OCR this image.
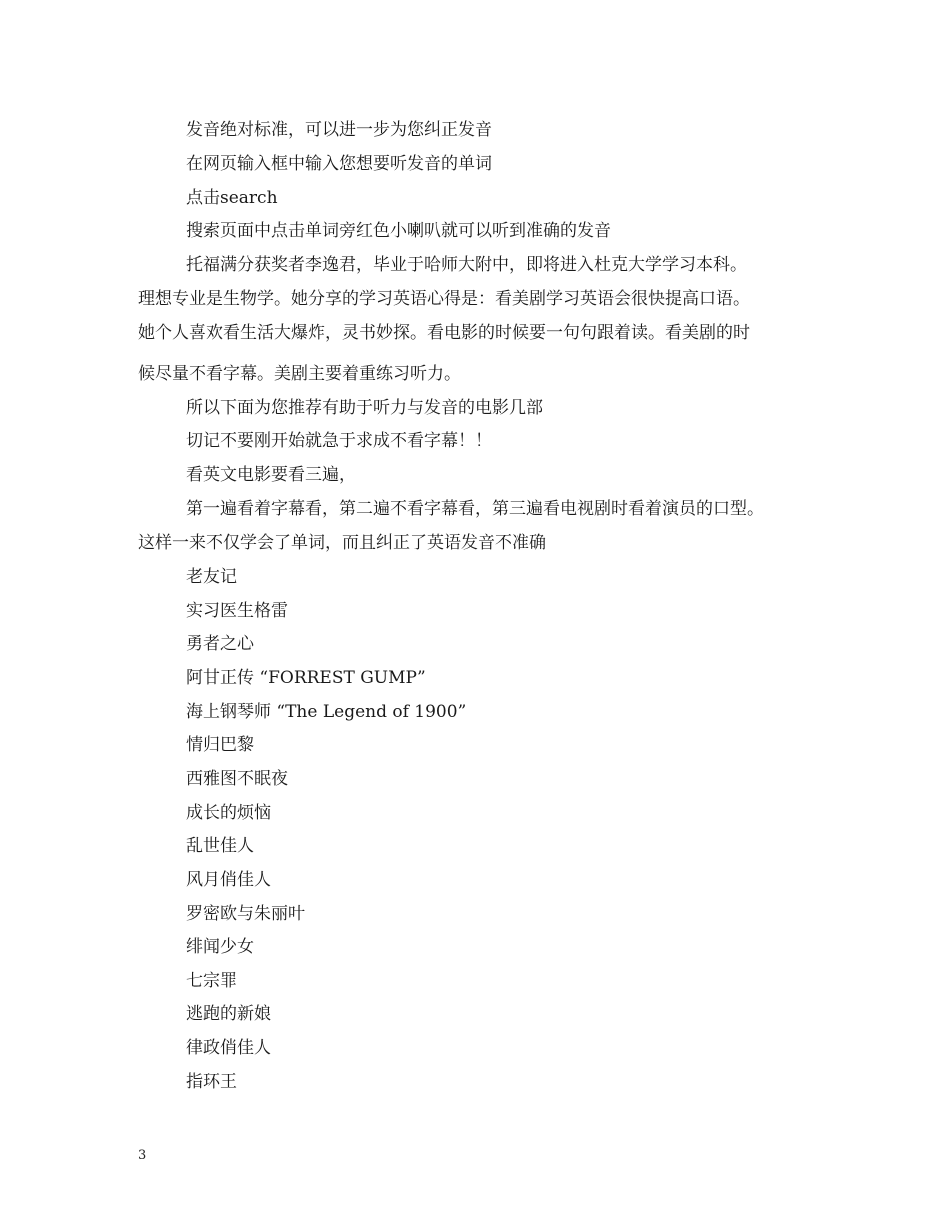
发音绝对标准，可以进一步为您纠正发音
在网页输入框中输入您想要听发音的单词
点击search
搜索页面中点击单词旁红色小喇叭就可以听到准确的发音
托福满分获奖者李逸君，毕业于哈师大附中，即将进入杜克大学学习本科。
理想专业是生物学。她分享的学习英语心得是：看美剧学习英语会很快提高口语。
她个人喜欢看生活大爆炸，灵书妙探。看电影的时候要一句句跟着读。看美剧的时
候尽量不看字幕。美剧主要着重练习听力。
所以下面为您推荐有助于听力与发音的电影几部
切记不要刚开始就急于求成不看字幕！！
看英文电影要看三遍，
第一遍看着字幕看，第二遍不看字幕看，第三遍看电视剧时看着演员的口型。
这样一来不仅学会了单词，而且纠正了英语发音不准确
老友记
实习医生格雷
勇者之心
阿甘正传 “FORREST GUMP”
海上钢琴师 “The Legend of 1900”
情归巴黎
西雅图不眠夜
成长的烦恼
乱世佳人
风月俏佳人
罗密欧与朱丽叶
绯闻少女
七宗罪
逃跑的新娘
律政俏佳人
指环王
3
